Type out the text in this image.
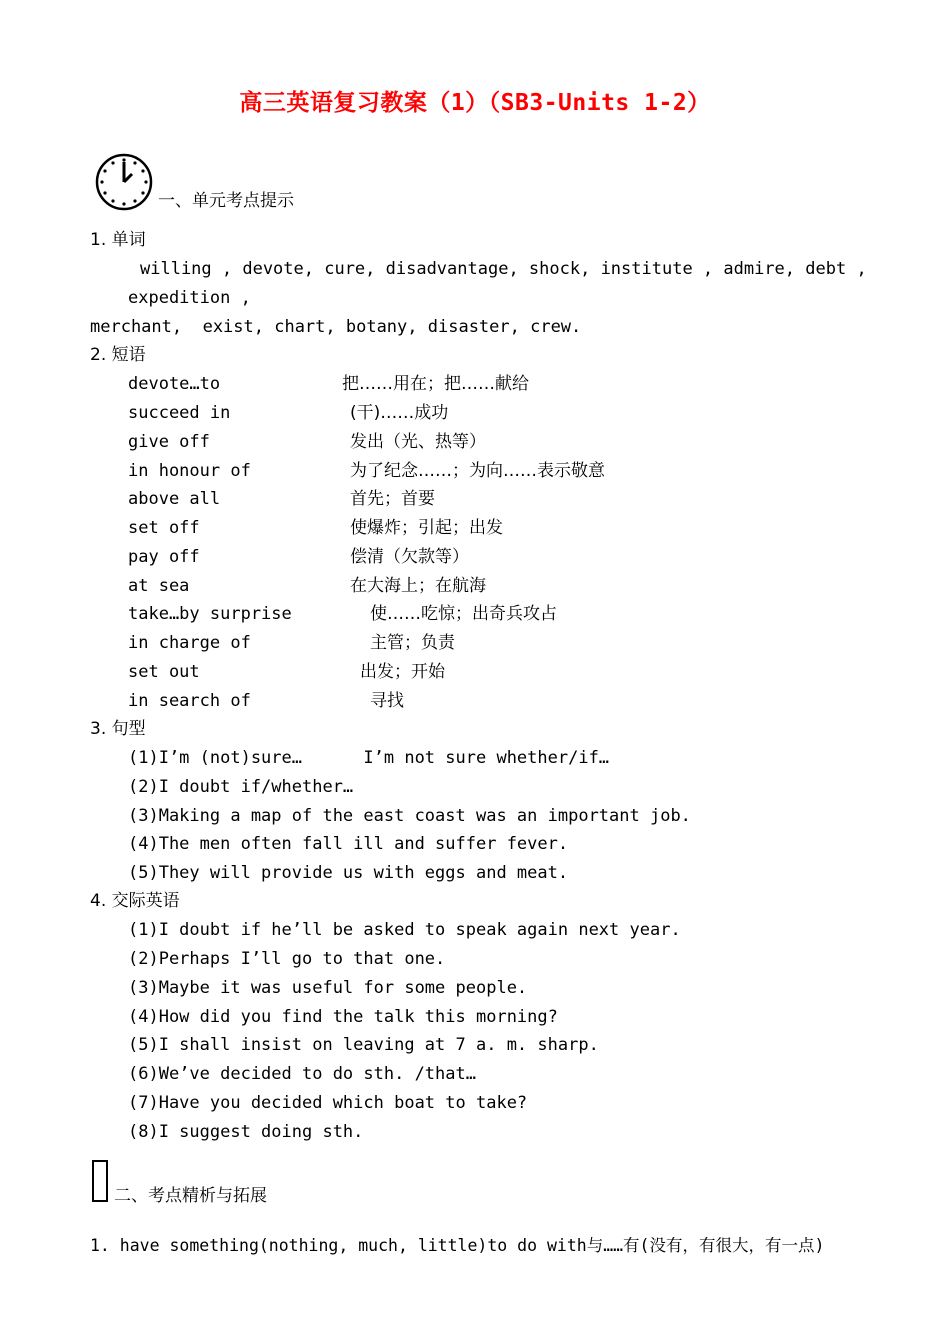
高三英语复习教案（1）（SB3-Units 1-2）
一、单元考点提示
1. 单词
willing , devote, cure, disadvantage, shock, institute , admire, debt ,
expedition ,
merchant,  exist, chart, botany, disaster, crew.
2. 短语
devote…to	把……用在；把……献给
succeed in	(干)……成功
give off	发出（光、热等）
in honour of	为了纪念……；为向……表示敬意
above all	首先；首要
set off	使爆炸；引起；出发
pay off	偿清（欠款等）
at sea	在大海上；在航海
take…by surprise	使……吃惊；出奇兵攻占
in charge of	主管；负责
set out	出发；开始
in search of	寻找
3. 句型
(1)I’m (not)sure…      I’m not sure whether/if…
(2)I doubt if/whether…
(3)Making a map of the east coast was an important job.
(4)The men often fall ill and suffer fever.
(5)They will provide us with eggs and meat.
4. 交际英语
(1)I doubt if he’ll be asked to speak again next year.
(2)Perhaps I’ll go to that one.
(3)Maybe it was useful for some people.
(4)How did you find the talk this morning?
(5)I shall insist on leaving at 7 a. m. sharp.
(6)We’ve decided to do sth. /that…
(7)Have you decided which boat to take?
(8)I suggest doing sth.
二、考点精析与拓展
1. have something(nothing, much, little)to do with与……有(没有，有很大，有一点)
